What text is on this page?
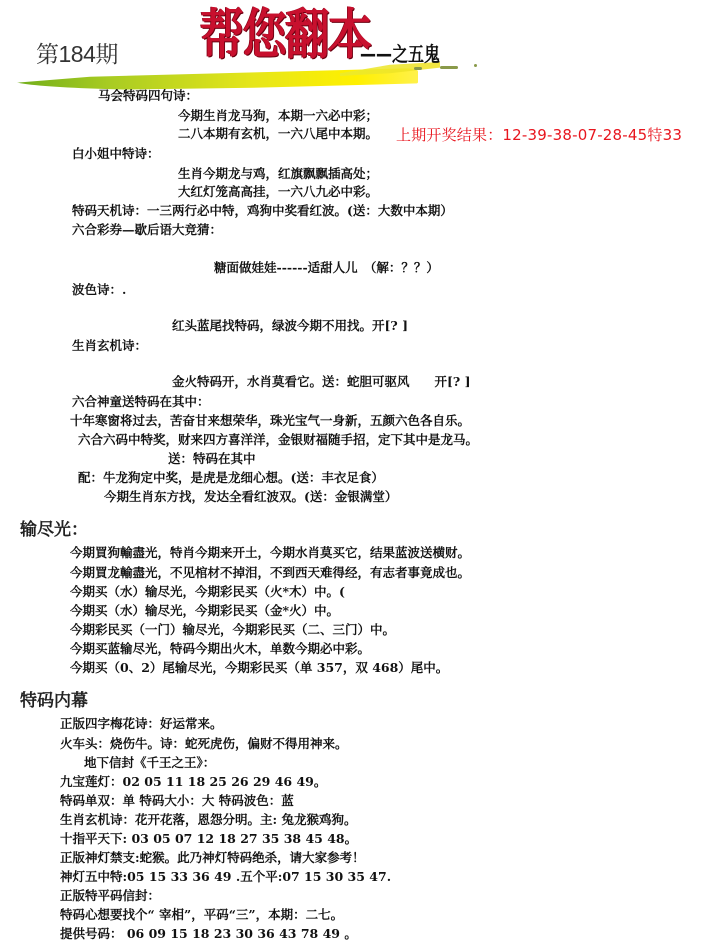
第184期 帮您翻本
——之五鬼
上期开奖结果：12-39-38-07-28-45特33
马会特码四句诗：
今期生肖龙马狗，本期一六必中彩；
二八本期有玄机，一六八尾中本期。
白小姐中特诗：
生肖今期龙与鸡，红旗飘飘插高处；
大红灯笼高高挂，一六八九必中彩。
特码天机诗：一三两行必中特，鸡狗中奖看红波。(送：大数中本期）
六合彩券—歇后语大竞猜：
糖面做娃娃------适甜人儿　（解：？？）
波色诗：.
红头蓝尾找特码，绿波今期不用找。开[? ]
生肖玄机诗：
金火特码开，水肖莫看它。送：蛇胆可驱风　　开[? ]
六合神童送特码在其中：
十年寒窗将过去，苦奋甘来想荣华，珠光宝气一身新，五颜六色各自乐。
六合六码中特奖，财来四方喜洋洋，金银财福随手招，定下其中是龙马。
送：特码在其中
配：牛龙狗定中奖，是虎是龙细心想。(送：丰衣足食）
今期生肖东方找，发达全看红波双。(送：金银满堂）
输尽光：
今期買狗輸盡光，特肖今期来开土，今期水肖莫买它，结果蓝波送横财。
今期買龙輸盡光，不见棺材不掉泪，不到西天难得经，有志者事竟成也。
今期买（水）输尽光，今期彩民买（火*木）中。(
今期买（水）输尽光，今期彩民买（金*火）中。
今期彩民买（一门）输尽光，今期彩民买（二、三门）中。
今期买蓝输尽光，特码今期出火木，单数今期必中彩。
今期买（0、2）尾输尽光，今期彩民买（单 357，双 468）尾中。
特码内幕
正版四字梅花诗：好运常来。
火车头：烧伤牛。诗：蛇死虎伤，偏财不得用神来。
地下信封《千王之王》：
九宝莲灯：02 05 11 18 25 26 29 46 49。
特码单双：单 特码大小：大 特码波色：蓝
生肖玄机诗：花开花落，恩怨分明。主: 兔龙猴鸡狗。
十指平天下: 03 05 07 12 18 27 35 38 45 48。
正版神灯禁支:蛇猴。此乃神灯特码绝杀，请大家参考！
神灯五中特:05 15 33 36 49 .五个平:07 15 30 35 47.
正版特平码信封：
特码心想要找个“ 宰相”，平码“三”，本期：二七。
提供号码： 06 09 15 18 23 30 36 43 78 49 。
